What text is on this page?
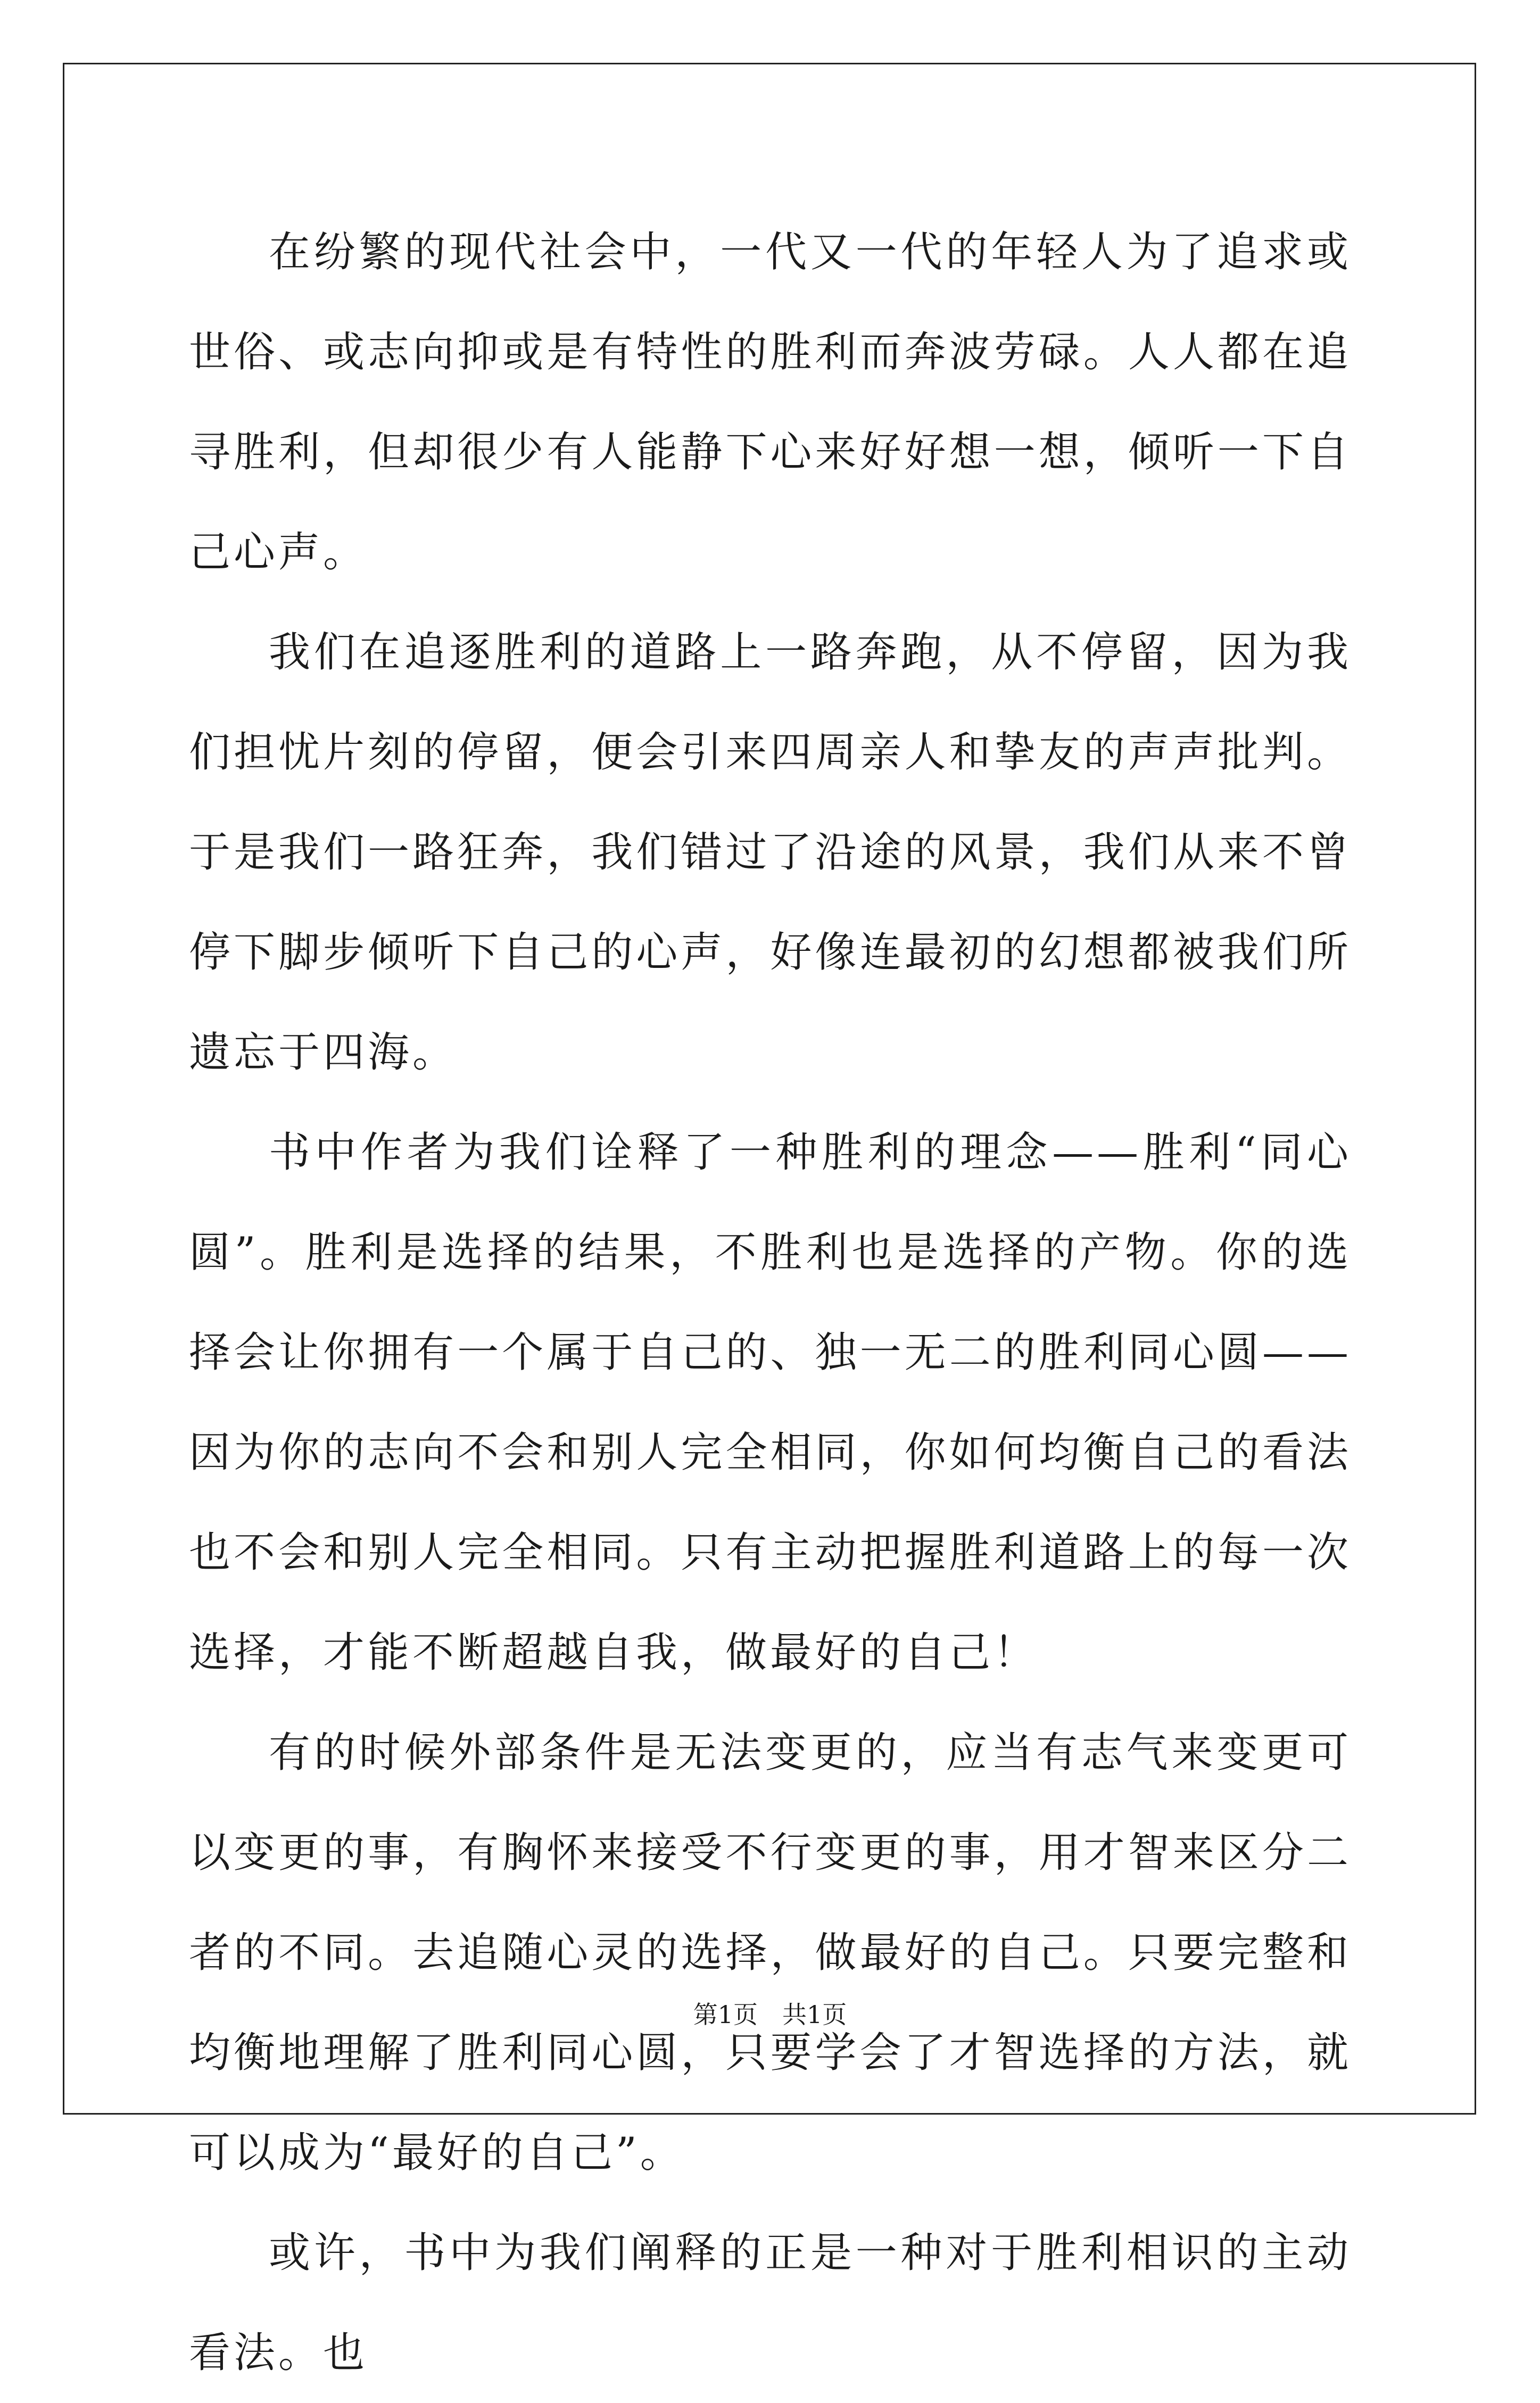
在纷繁的现代社会中，一代又一代的年轻人为了追求或世俗、或志向抑或是有特性的胜利而奔波劳碌。人人都在追寻胜利，但却很少有人能静下心来好好想一想，倾听一下自己心声。

我们在追逐胜利的道路上一路奔跑，从不停留，因为我们担忧片刻的停留，便会引来四周亲人和挚友的声声批判。于是我们一路狂奔，我们错过了沿途的风景，我们从来不曾停下脚步倾听下自己的心声，好像连最初的幻想都被我们所遗忘于四海。

书中作者为我们诠释了一种胜利的理念——胜利“同心圆”。胜利是选择的结果，不胜利也是选择的产物。你的选择会让你拥有一个属于自己的、独一无二的胜利同心圆——因为你的志向不会和别人完全相同，你如何均衡自己的看法也不会和别人完全相同。只有主动把握胜利道路上的每一次选择，才能不断超越自我，做最好的自己！

有的时候外部条件是无法变更的，应当有志气来变更可以变更的事，有胸怀来接受不行变更的事，用才智来区分二者的不同。去追随心灵的选择，做最好的自己。只要完整和均衡地理解了胜利同心圆，只要学会了才智选择的方法，就可以成为“最好的自己”。

或许，书中为我们阐释的正是一种对于胜利相识的主动看法。也

第1页　共1页
